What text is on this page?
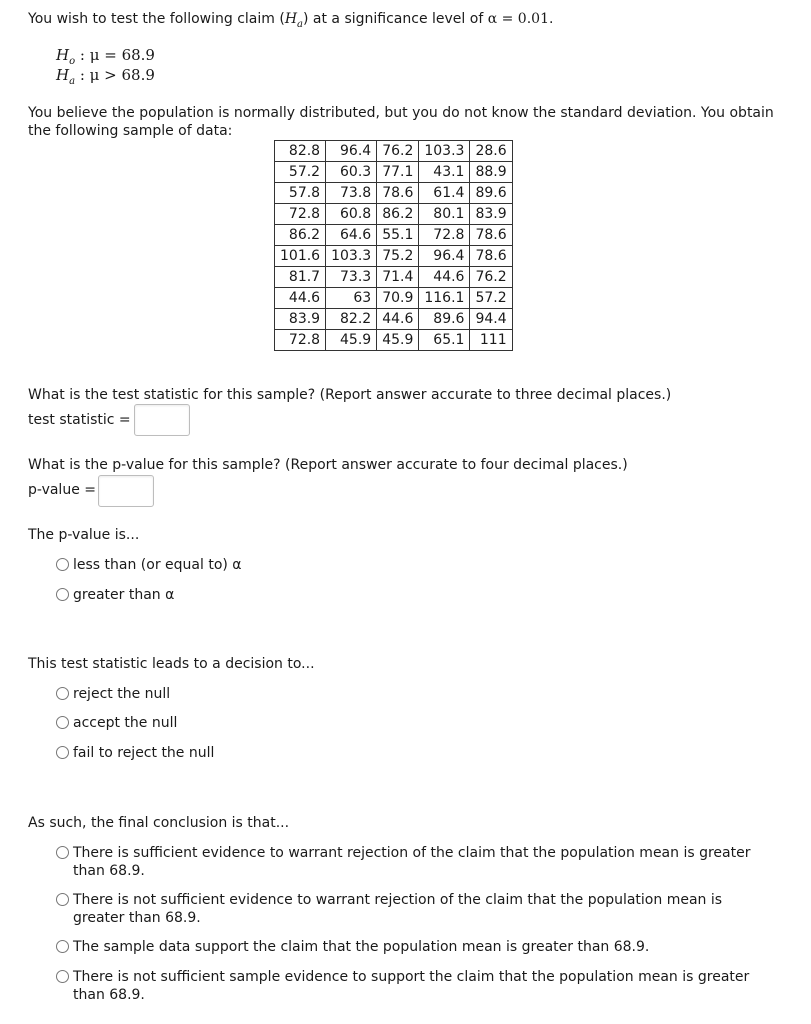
You wish to test the following claim $(H_a)$ at a significance level of α = 0.01.
$H_o$ : μ = 68.9
$H_a$ : μ > 68.9
You believe the population is normally distributed, but you do not know the standard deviation. You obtain
the following sample of data:
82.8	96.4	76.2	103.3	28.6
57.2	60.3	77.1	43.1	88.9
57.8	73.8	78.6	61.4	89.6
72.8	60.8	86.2	80.1	83.9
86.2	64.6	55.1	72.8	78.6
101.6	103.3	75.2	96.4	78.6
81.7	73.3	71.4	44.6	76.2
44.6	63	70.9	116.1	57.2
83.9	82.2	44.6	89.6	94.4
72.8	45.9	45.9	65.1	111
What is the test statistic for this sample? (Report answer accurate to three decimal places.)
test statistic =
What is the p-value for this sample? (Report answer accurate to four decimal places.)
p-value =
The p-value is...
less than (or equal to) α
greater than α
This test statistic leads to a decision to...
reject the null
accept the null
fail to reject the null
As such, the final conclusion is that...
There is sufficient evidence to warrant rejection of the claim that the population mean is greater than 68.9.
There is not sufficient evidence to warrant rejection of the claim that the population mean is greater than 68.9.
The sample data support the claim that the population mean is greater than 68.9.
There is not sufficient sample evidence to support the claim that the population mean is greater than 68.9.
